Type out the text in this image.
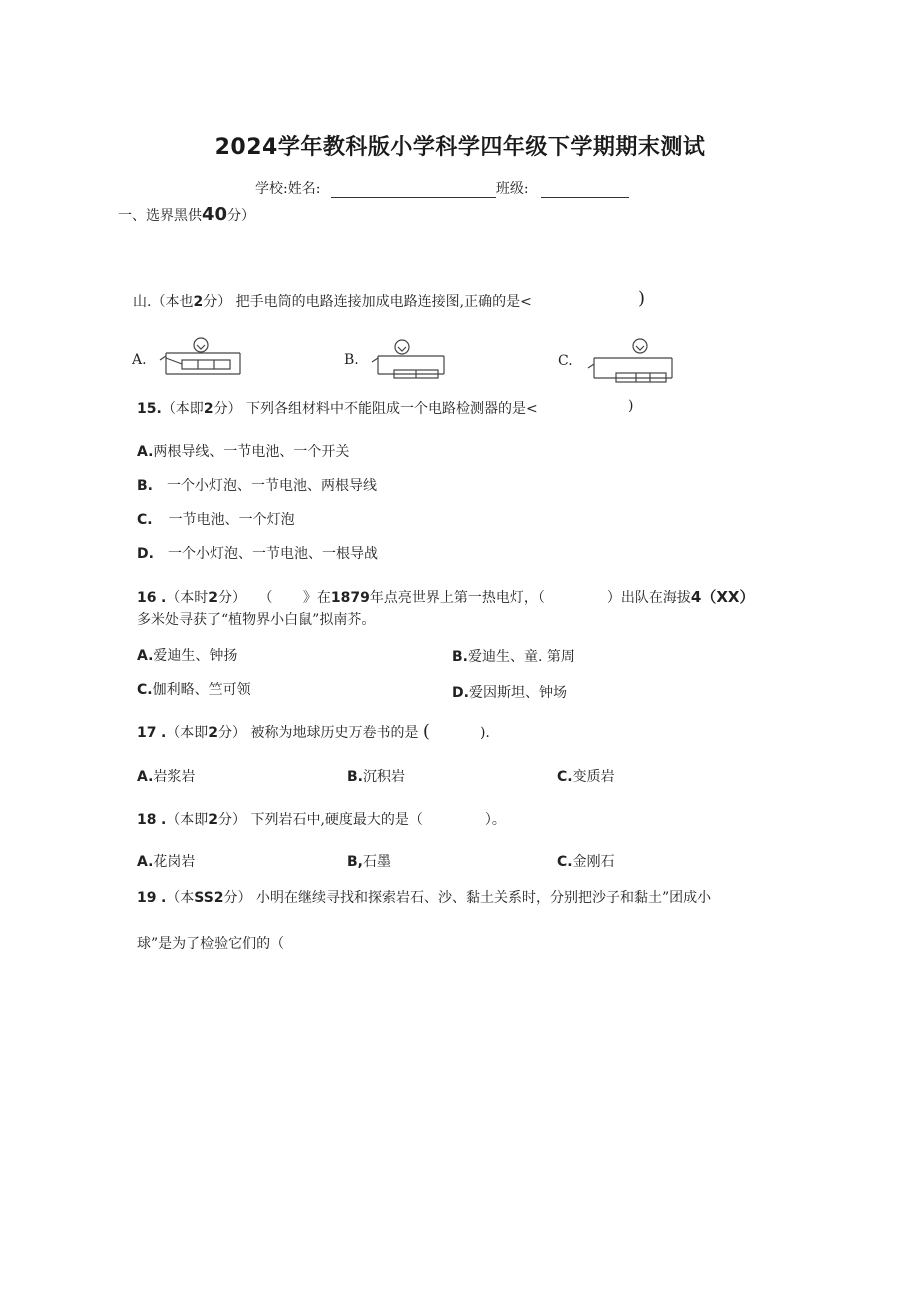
2024学年教科版小学科学四年级下学期期末测试
学校:姓名:	班级:
一、选界黑供40分）
山.（本也2分） 把手电筒的电路连接加成电路连接图,正确的是<	)
A.	B.	C.
15.（本即2分） 下列各组材料中不能阻成一个电路检测器的是<	)
A.两根导线、一节电池、一个开关
B. 一个小灯泡、一节电池、两根导线
C. 一节电池、一个灯泡
D. 一个小灯泡、一节电池、一根导战
16 .（本时2分） （ 》在1879年点亮世界上第一热电灯，（	）出队在海拔4（XX）
多米处寻获了“植物界小白鼠”拟南芥。
A.爱迪生、钟扬	B.爱迪生、童. 第周
C.伽利略、竺可领	D.爱因斯坦、钟场
17 .（本即2分） 被称为地球历史万卷书的是 (	).
A.岩浆岩	B.沉积岩	C.变质岩
18 .（本即2分） 下列岩石中,硬度最大的是（	）。
A.花岗岩	B,石墨	C.金刚石
19 .（本SS2分） 小明在继续寻找和探索岩石、沙、黏土关系时，分别把沙子和黏土”团成小
球”是为了检验它们的（
